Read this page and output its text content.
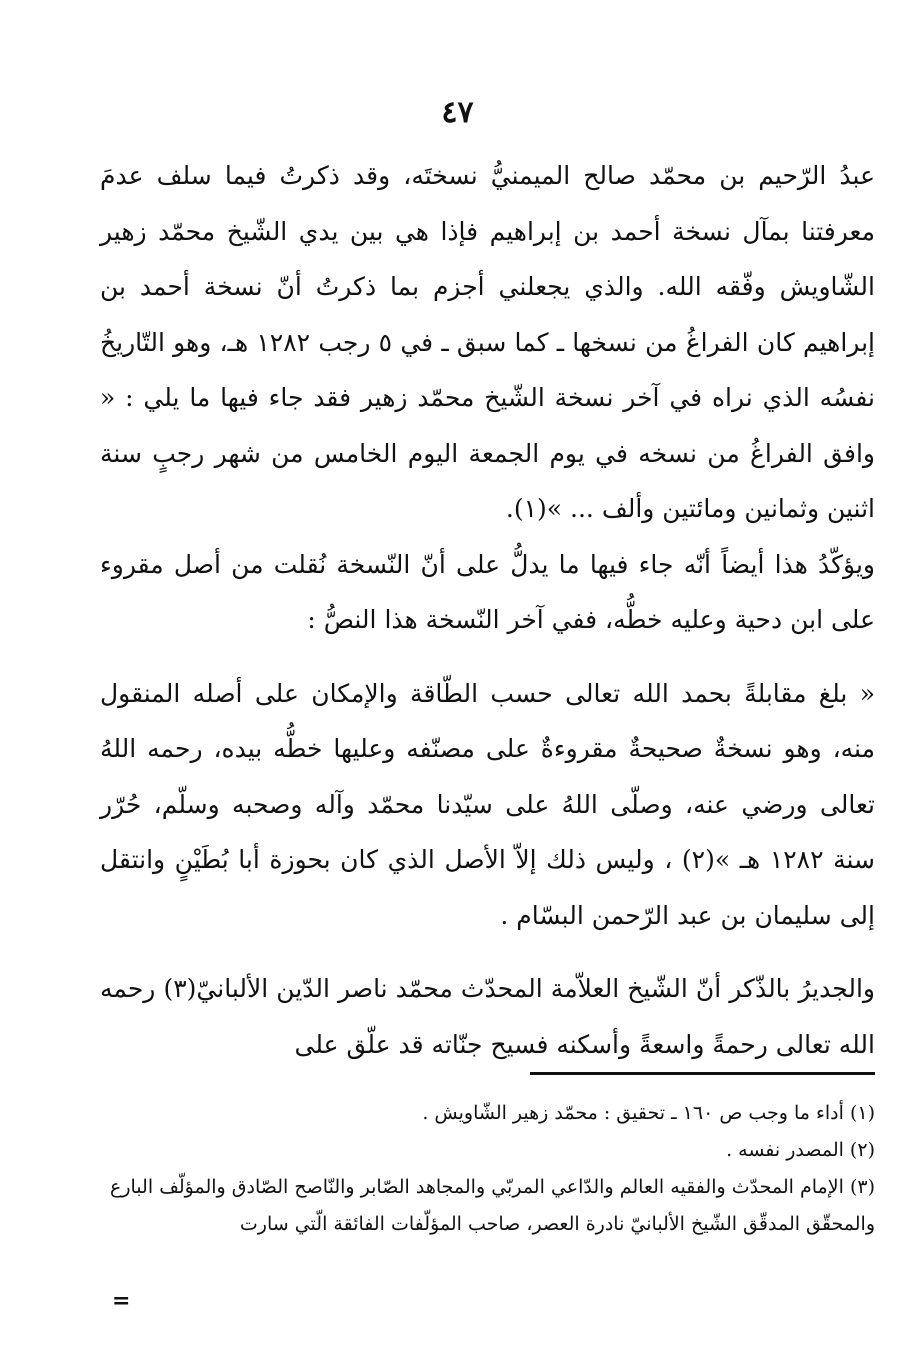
٤٧

عبدُ الرّحيم بن محمّد صالح الميمنيُّ نسختَه، وقد ذكرتُ فيما سلف عدمَ معرفتنا بمآل نسخة أحمد بن إبراهيم فإذا هي بين يدي الشّيخ محمّد زهير الشّاويش وفّقه الله. والذي يجعلني أجزم بما ذكرتُ أنّ نسخة أحمد بن إبراهيم كان الفراغُ من نسخها ـ كما سبق ـ في ٥ رجب ١٢٨٢ هـ، وهو التّاريخُ نفسُه الذي نراه في آخر نسخة الشّيخ محمّد زهير فقد جاء فيها ما يلي : « وافق الفراغُ من نسخه في يوم الجمعة اليوم الخامس من شهر رجبٍ سنة اثنين وثمانين ومائتين وألف ... »(١).

ويؤكّدُ هذا أيضاً أنّه جاء فيها ما يدلُّ على أنّ النّسخة نُقلت من أصل مقروء على ابن دحية وعليه خطُّه، ففي آخر النّسخة هذا النصُّ :

« بلغ مقابلةً بحمد الله تعالى حسب الطّاقة والإمكان على أصله المنقول منه، وهو نسخةٌ صحيحةٌ مقروءةٌ على مصنّفه وعليها خطُّه بيده، رحمه اللهُ تعالى ورضي عنه، وصلّى اللهُ على سيّدنا محمّد وآله وصحبه وسلّم، حُرّر سنة ١٢٨٢ هـ »(٢) ، وليس ذلك إلاّ الأصل الذي كان بحوزة أبا بُطَيْنٍ وانتقل إلى سليمان بن عبد الرّحمن البسّام .

والجديرُ بالذّكر أنّ الشّيخ العلاّمة المحدّث محمّد ناصر الدّين الألبانيّ(٣) رحمه الله تعالى رحمةً واسعةً وأسكنه فسيح جنّاته قد علّق على

(١) أداء ما وجب ص ١٦٠ ـ تحقيق : محمّد زهير الشّاويش .

(٢) المصدر نفسه .

(٣) الإمام المحدّث والفقيه العالم والدّاعي المربّي والمجاهد الصّابر والنّاصح الصّادق والمؤلّف البارع والمحقّق المدقّق الشّيخ الألبانيّ نادرة العصر، صاحب المؤلّفات الفائقة الّتي سارت

=
